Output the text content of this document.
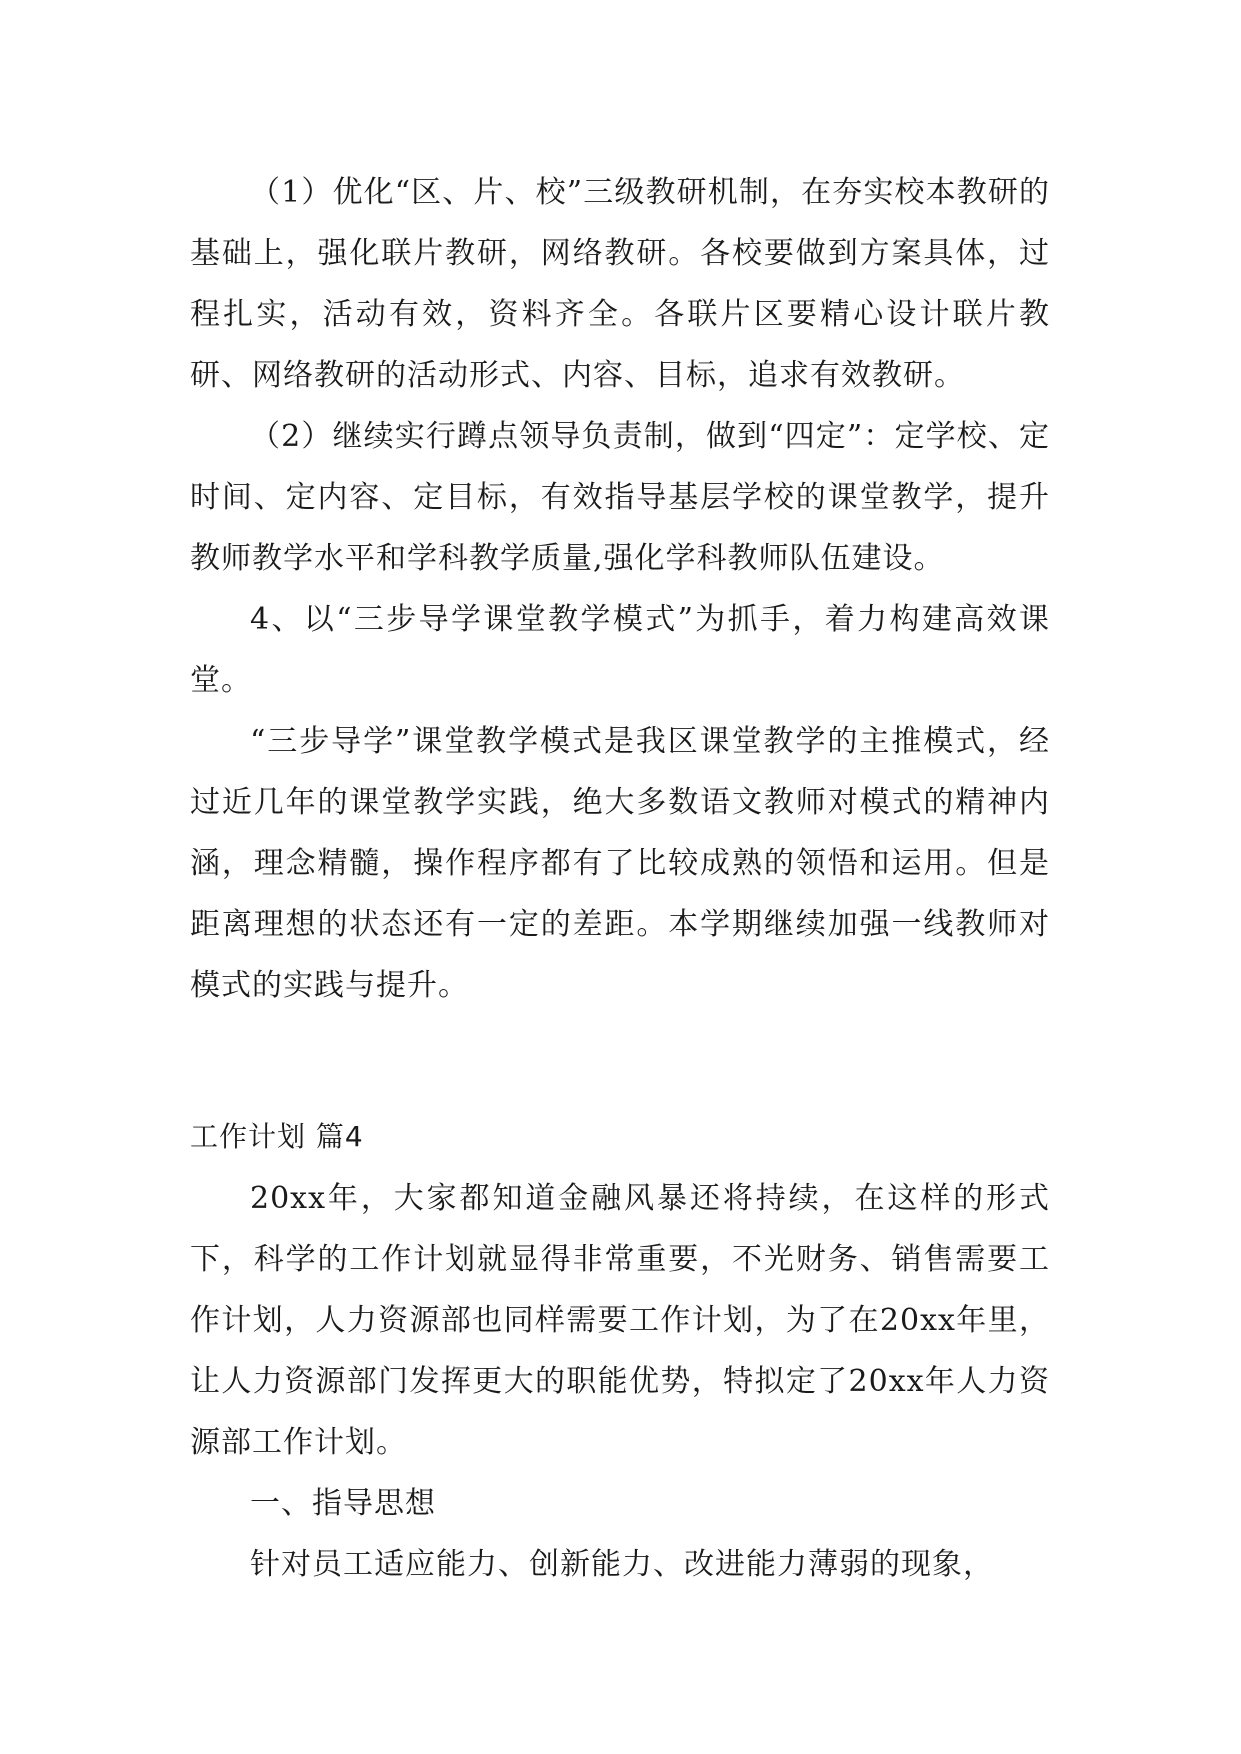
（1）优化“区、片、校”三级教研机制，在夯实校本教研的基础上，强化联片教研，网络教研。各校要做到方案具体，过程扎实，活动有效，资料齐全。各联片区要精心设计联片教研、网络教研的活动形式、内容、目标，追求有效教研。

（2）继续实行蹲点领导负责制，做到“四定”：定学校、定时间、定内容、定目标，有效指导基层学校的课堂教学，提升教师教学水平和学科教学质量,强化学科教师队伍建设。

4、以“三步导学课堂教学模式”为抓手，着力构建高效课堂。

“三步导学”课堂教学模式是我区课堂教学的主推模式，经过近几年的课堂教学实践，绝大多数语文教师对模式的精神内涵，理念精髓，操作程序都有了比较成熟的领悟和运用。但是距离理想的状态还有一定的差距。本学期继续加强一线教师对模式的实践与提升。

工作计划 篇4

20xx年，大家都知道金融风暴还将持续，在这样的形式下，科学的工作计划就显得非常重要，不光财务、销售需要工作计划，人力资源部也同样需要工作计划，为了在20xx年里，让人力资源部门发挥更大的职能优势，特拟定了20xx年人力资源部工作计划。

一、指导思想

针对员工适应能力、创新能力、改进能力薄弱的现象，
